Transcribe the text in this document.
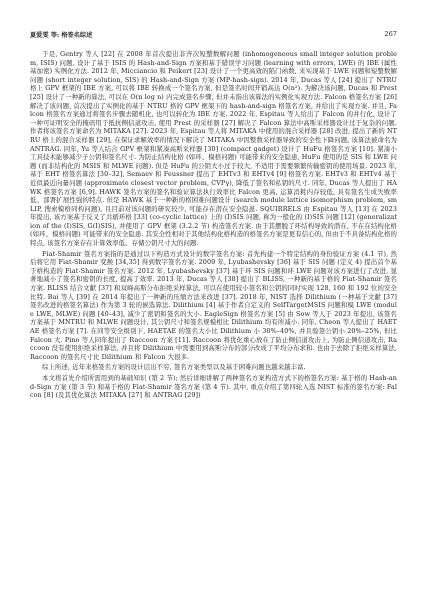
夏爱雯 等: 格签名综述	267

于是, Gentry 等人 [22] 在 2008 年首次提出非齐次短整数解问题 (inhomogeneous small integer solution problem, ISIS) 问题, 设计了基于 ISIS 的 Hash-and-Sign 方案和基于错误学习问题 (learning with errors, LWE) 的 IBE (属性基加密) 实例化方法. 2012 年, Micciancio 和 Peikert [23] 设计了一个更高效的陷门函数, 来实现基于 LWE 问题和短整数解问题 (short integer solution, SIS) 的 Hash-and-Sign 方案 (MP-hash-sign). 2014 年, Ducas 等人 [24] 提出了 NTRU 格上 GPV 框架的 IBE 方案, 可以将 IBE 转换成一个签名方案, 但是签名时间开销高达 O(n²). 为解决该问题, Ducas 和 Prest [25] 设计了一种新的算法, 可以在 O(n log n) 内完成签名步骤, 但并未指出该算法的实例化实现方法. Falcon 格签名方案 [26] 解决了该问题, 首次提出了实例化的基于 NTRU 格的 GPV 框架下的 hash-and-sign 格签名方案, 并给出了实现方案. 并且, Falcon 格签名方案通过将签名步骤去随机化, 也可以转化为 IBE 方案. 2022 年, Espitau 等人给出了 Falcon 的并行化, 设计了一种可证明安全的掩码用于抵抗侧信道攻击, 使用 Prest 的采样器 [27] 解决了 Falcon 算法中高斯采样器设计过于复杂的问题. 作者将该签名方案命名为 MITAKA [27]. 2023 年, Espitau 等人将 MITAKA 中使用的混合采样器 [28] 改进, 提出了新的 NTRU 格上的混合采样器 [29], 在保证求解效率的情况下解决了 MITAKA 中因整数采样器导致的安全性下降问题, 该算法被命名为 ANTRAG. 同年, Yu 等人结合 GPV 框架和紧凑高斯采样器 [30] (compact gadget) 设计了 HuFu 格签名方案 [10]. 紧凑小工具技术能够减少子公钥和签名尺寸. 为防止结构化格 (如环、模格问题) 可能带来的安全隐患, HuFu 使用的是 SIS 和 LWE 问题 (而非结构化的 MSIS 和 MLWE 问题). 但是 HuFu 的公钥大小过于较大, 不适用于需要频繁传输密钥的使用场景. 2023 年, 基于 EHT 格签名算法 [30–32], Semaev 和 Feussner 提出了 EHTv3 和 EHTv4 [9] 格签名方案. EHTv3 和 EHTv4 基于近似最近向量问题 (approximate closest vector problem, CVPγ), 降低了签名和私钥的尺寸. 同年, Ducas 等人提出了 HAWK 格签名方案 [6,9]. HAWK 签名方案的签名和验证算法执行效率比 Falcon 更高, 运算消耗内存较低, 具有签名生成失败率低、部署扩展性强的特点. 但是 HAWK 基于一种新的格困难问题设计 (search module lattice isomorphism problem, smLIP, 搜索模格同构问题), 且目前对该问题的研究较少, 可能存在潜在安全隐患. SQUIRRELS 由 Espitau 等人 [13] 在 2023 年提出, 该方案基于反叉了共循环格 [33] (co-cyclic lattice) 上的 (I)SIS 问题, 称为一般化的 (I)SIS 问题 [12] (generalization of the (I)SIS, G(I)SIS), 并使用了 GPV 框架 (3.2.2 节) 构造签名方案. 由于其摆脱了环结构导致的潜在, 不在在结构化格 (如环、模格问题) 可能带来的安全隐患. 其安全性相对于其他结构化格构造的格签名方案是更有信心的, 但由于不具备结构化格的特点, 该签名方案存在计算效率低、存储公钥尺寸大的问题.

Fiat-Shamir 签名方案指的是通过以下构造方式设计的数字签名方案: 首先构建一个特定结构的身份验证方案 (4.1 节), 然后将它用 Fiat-Shamir 变换 [34,35] 得到数字签名方案. 2009 年, Lyubashevsky [36] 基于 SIS 问题 (定义 4) 提出首个基于格构造的 Fiat-Shamir 签名方案. 2012 年, Lyubashevsky [37] 基于环 SIS 问题和环 LWE 问题对该方案进行了改进, 显著地减小了签名和密钥的长度, 提高了效率. 2013 年, Ducas 等人 [38] 提出了 BLISS, 一种新的基于格的 Fiat-Shamir 签名方案. BLISS 结合文献 [37] 和双峰高斯分布拒绝采样算法, 可以在使用较小签名和公钥的同时实现 128, 160 和 192 位的安全比特. Bai 等人 [39] 在 2014 年提出了一种新的压缩方法来改进 [37]. 2018 年, NIST 选择 Dilithium (一种基于文献 [37] 签名改进的格签名算法) 作为第 3 轮的候选算法. Dilithium [4] 基于作者自定义的 SelfTargetMSIS 问题和模 LWE (module LWE, MLWE) 问题 [40–43], 减少了密钥和签名的大小. EagleSign 格签名方案 [5] 由 Sow 等人于 2023 年提出, 该签名方案基于 MNTRU 和 MLWE 问题设计, 其公钥尺寸和签名规模相比 Dilithium 均有所减小. 同年, Cheon 等人提出了 HAETAE 格签名方案 [7]. 在同等安全级别下, HAETAE 的签名大小比 Dilithium 小 30%–40%, 并且验签公钥小 20%–25%, 但比 Falcon 大. Pino 等人同年提出了 Raccoon 方案 [11]. Raccoon 将优化重心放在了防止侧信道攻击上, 为防止侧信道攻击, Raccoon 没有使用拒绝采样算法, 并且将 Dilithium 中需要用到高斯分布的部分改成了平均分布求和. 也由于去除了拒绝采样算法, Raccoon 的签名尺寸比 Dilithium 和 Falcon 大很多.

综上所述, 近年来格签名方案的设计层出不穷, 签名方案类型以及基于困难问题也越来越丰富.

本文将首先介绍所需用到的基础知识 (第 2 节); 然后详细讲解了两种签名方案构造方式下的格签名方案: 基于格的 Hash-and-Sign 方案 (第 3 节) 和基于格的 Fiat-Shamir 签名方案 (第 4 节). 其中, 重点介绍了第四轮入选 NIST 标准的签名方案: Falcon [8] (及其优化算法 MITAKA [27] 和 ANTRAG [29])
